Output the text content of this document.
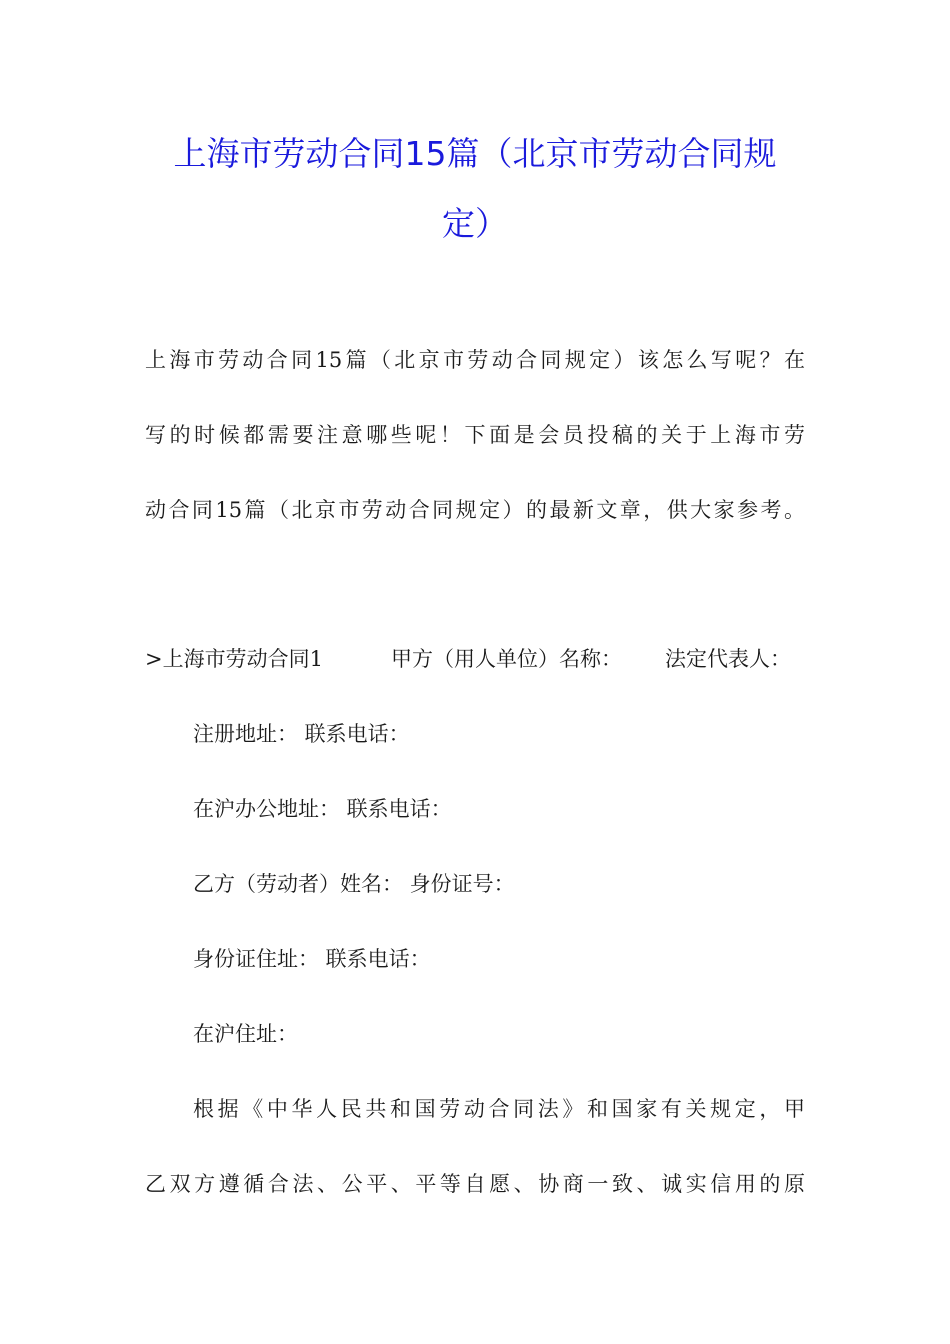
上海市劳动合同15篇（北京市劳动合同规
定）
上海市劳动合同15篇（北京市劳动合同规定）该怎么写呢？在
写的时候都需要注意哪些呢！下面是会员投稿的关于上海市劳
动合同15篇（北京市劳动合同规定）的最新文章，供大家参考。
>上海市劳动合同1	甲方（用人单位）名称： 法定代表人：
注册地址： 联系电话：
在沪办公地址： 联系电话：
乙方（劳动者）姓名： 身份证号：
身份证住址： 联系电话：
在沪住址：
根据《中华人民共和国劳动合同法》和国家有关规定，甲
乙双方遵循合法、公平、平等自愿、协商一致、诚实信用的原
